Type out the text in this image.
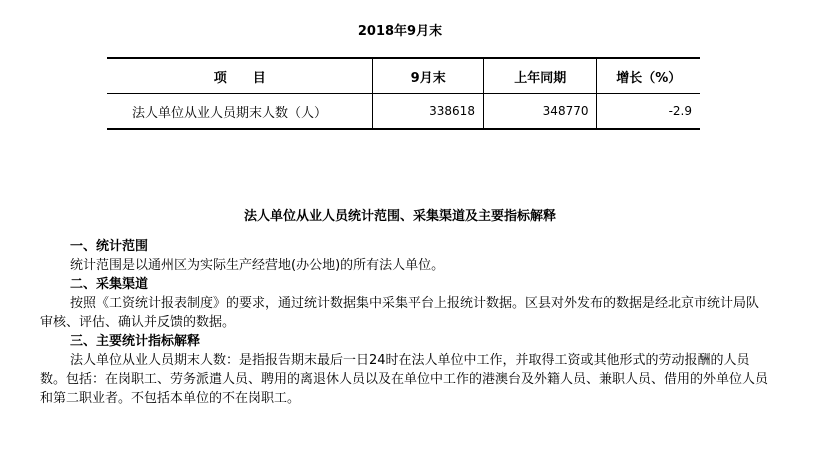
2018年9月末
项　　目	9月末	上年同期	增长（%）
法人单位从业人员期末人数（人）	338618	348770	-2.9
法人单位从业人员统计范围、采集渠道及主要指标解释
一、统计范围
统计范围是以通州区为实际生产经营地(办公地)的所有法人单位。
二、采集渠道
按照《工资统计报表制度》的要求，通过统计数据集中采集平台上报统计数据。区县对外发布的数据是经北京市统计局队审核、评估、确认并反馈的数据。
三、主要统计指标解释
法人单位从业人员期末人数：是指报告期末最后一日24时在法人单位中工作，并取得工资或其他形式的劳动报酬的人员数。包括：在岗职工、劳务派遣人员、聘用的离退休人员以及在单位中工作的港澳台及外籍人员、兼职人员、借用的外单位人员和第二职业者。不包括本单位的不在岗职工。
